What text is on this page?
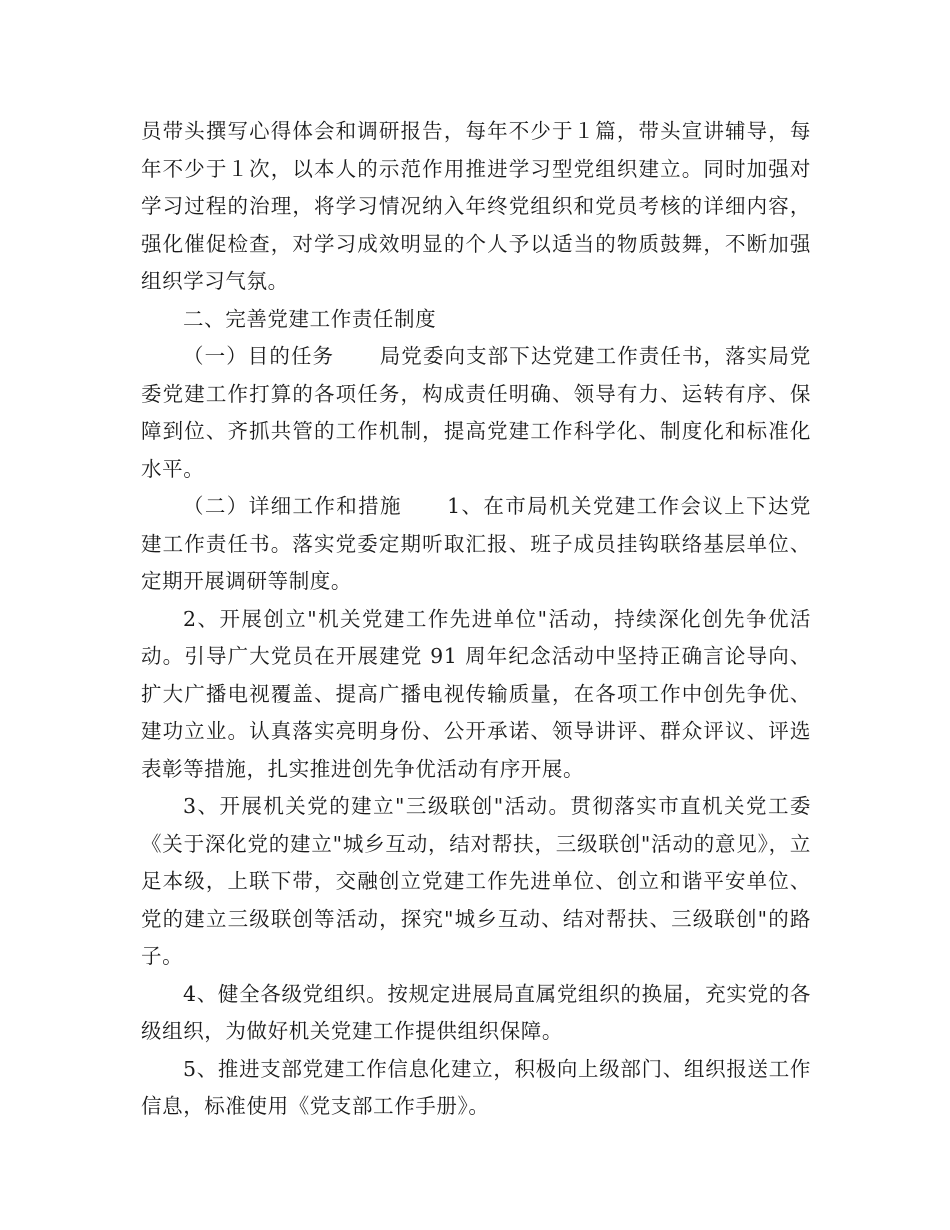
员带头撰写心得体会和调研报告，每年不少于１篇，带头宣讲辅导，每年不少于１次，以本人的示范作用推进学习型党组织建立。同时加强对学习过程的治理，将学习情况纳入年终党组织和党员考核的详细内容，强化催促检查，对学习成效明显的个人予以适当的物质鼓舞，不断加强组织学习气氛。

二、完善党建工作责任制度

（一）目的任务 局党委向支部下达党建工作责任书，落实局党委党建工作打算的各项任务，构成责任明确、领导有力、运转有序、保障到位、齐抓共管的工作机制，提高党建工作科学化、制度化和标准化水平。

（二）详细工作和措施 1、在市局机关党建工作会议上下达党建工作责任书。落实党委定期听取汇报、班子成员挂钩联络基层单位、定期开展调研等制度。

2、开展创立"机关党建工作先进单位"活动，持续深化创先争优活动。引导广大党员在开展建党 91 周年纪念活动中坚持正确言论导向、扩大广播电视覆盖、提高广播电视传输质量，在各项工作中创先争优、建功立业。认真落实亮明身份、公开承诺、领导讲评、群众评议、评选表彰等措施，扎实推进创先争优活动有序开展。

3、开展机关党的建立"三级联创"活动。贯彻落实市直机关党工委《关于深化党的建立"城乡互动，结对帮扶，三级联创"活动的意见》，立足本级，上联下带，交融创立党建工作先进单位、创立和谐平安单位、党的建立三级联创等活动，探究"城乡互动、结对帮扶、三级联创"的路子。

4、健全各级党组织。按规定进展局直属党组织的换届，充实党的各级组织，为做好机关党建工作提供组织保障。

5、推进支部党建工作信息化建立，积极向上级部门、组织报送工作信息，标准使用《党支部工作手册》。
